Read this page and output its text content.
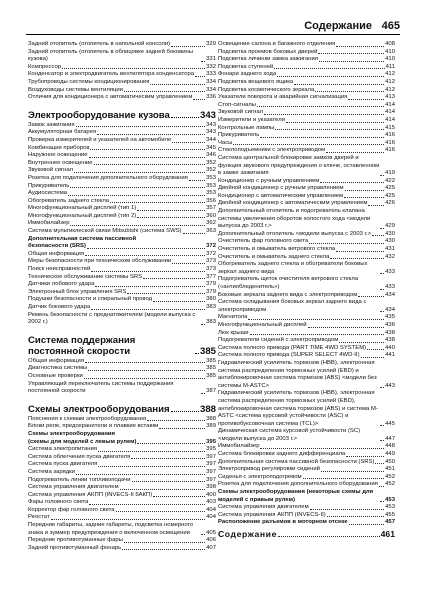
Содержание 465
Задний отопитель (отопитель в напольной консоли)	329
Задний отопитель (отопитель в облицовке задней боковины кузова)	331
Компрессор	332
Конденсатор и электродвигатель вентилятора конденсатора 333
Трубопроводы системы кондиционирования	334
Воздуховоды системы вентиляции	334
Отличия для кондиционера с автоматическим управлением 336
Электрооборудование кузова	343
Замок зажигания	343
Аккумуляторная батарея	343
Проверка измерителей и указателей на автомобиле	344
Комбинация приборов	345
Наружное освещение	346
Внутреннее освещение	352
Звуковой сигнал	352
Розетка для подключения дополнительного оборудования	353
Прикуриватель	353
Аудиосистема	353
Обогреватель заднего стекла	356
Многофункциональный дисплей (тип 1)	357
Многофункциональный дисплей (тип 2)	360
Иммобилайзер	362
Система мультиклеской связи Mitsubishi (система SWS)	363
Дополнительная система пассивной
безопасности (SRS)	372
Общая информация	372
Меры безопасности при техническом обслуживании	373
Поиск неисправностей	373
Техническое обслуживание системы SRS	377
Датчики лобового удара	379
Электронный блок управления SRS	379
Подушки безопасности и спиральный провод	380
Датчик бокового удара	383
Ремень безопасности с преднатяжителем (модели выпуска с 2002 г.)	383
Система поддержания постоянной скорости	385
Общая информация	385
Диагностика системы	385
Основные проверки	385
Управляющий переключатель системы поддержания постоянной скорости	387
Схемы электрооборудования	388
Пояснения к схемам электрооборудования	388
Блоки реле, предохранители и плавкие вставки	389
Схемы электрооборудования
(схемы для моделей с левым рулем)	395
Система электропитания	395
Система облегчения пуска двигателя	397
Система пуска двигателя	397
Система зарядки	397
Подогреватель линии топливоподачи	397
Система управления двигателем	398
Система управления АКПП (INVECS-II 5АКП)	400
Фары головного света	403
Корректор фар головного света	404
Реостат	404
Передние габариты, задние габариты, подсветка номерного знака и зуммер предупреждения о включенном освещении	405
Передние противотуманные фары	406
Задний противотуманный фонарь	407
Освещение салона и багажного отделения	408
Подсветка проемов боковых дверей	410
Подсветка личинки замка зажигания	410
Подсветка ступеней	411
Фонари заднего хода	412
Подсветка вещевого ящика	412
Подсветка косметического зеркала	412
Указатели поворота и аварийная сигнализация	413
Стоп-сигналы	414
Звуковой сигнал	414
Измерители и указатели	414
Контрольные лампы	415
Прикуриватель	416
Часы	416
Стеклоподъемники с электроприводом	416
Система центральной блокировки замков дверей и функция звукового предупреждения о ключе, оставленном в замке зажигания	419
Кондиционер с ручным управлением	422
Двойной кондиционер с ручным управлением	425
Кондиционер с автоматическим управлением	425
Двойной кондиционер с автоматическим управлением	426
Дополнительный отопитель и подогреватель клапана системы увеличения оборотов холостого хода <модели выпуска до 2003 г.>	429
Дополнительный отопитель <модели выпуска с 2003 г.> 430
Очиститель фар головного света	430
Очиститель и омыватель ветрового стекла	431
Очиститель и омыватель заднего стекла	432
Обогреватель заднего стекла и обогреватели боковых зеркал заднего вида	433
Подогреватель щеток очистителя ветрового стекла («антиобледенитель»)	433
Боковые зеркала заднего вида с электроприводом	434
Система складывания боковых зеркал заднего вида с электроприводом	434
Магнитола	435
Многофункциональный дисплей	436
Люк крыши	438
Подогреватели сидений с электроприводом	438
Система полного привода (PART TIME 4WD SYSTEM)	440
Система полного привода (SUPER SELECT 4WD-II)	441
Гидравлический усилитель тормозов (HBB), электронная система распределения тормозных усилий (EBD) и антиблокировочная система тормозов (ABS) <модели без системы M-ASTC>	443
Гидравлический усилитель тормозов (HBB), электронная система распределения тормозных усилий (EBD), антиблокировочная система тормозов (ABS) и система M-ASTC <система курсовой устойчивости (ASC) и противобуксовочная система (TCL)>	445
Динамическая система курсовой устойчивости (SC) <модели выпуска до 2003 г.>	447
Иммобилайзер	448
Система блокировки заднего дифференциала	449
Дополнительная система пассивной безопасности (SRS) 450
Электропривод регулировки сидений	451
Сиденья с электроподогревом	452
Розетка для подключения дополнительного оборудования 452
Схемы электрооборудования (некоторые схемы для моделей с правым рулем)	453
Система управления двигателем	453
Система управления АКПП (INVECS-II)	455
Расположение разъемов в моторном отсеке	457
Содержание	461
